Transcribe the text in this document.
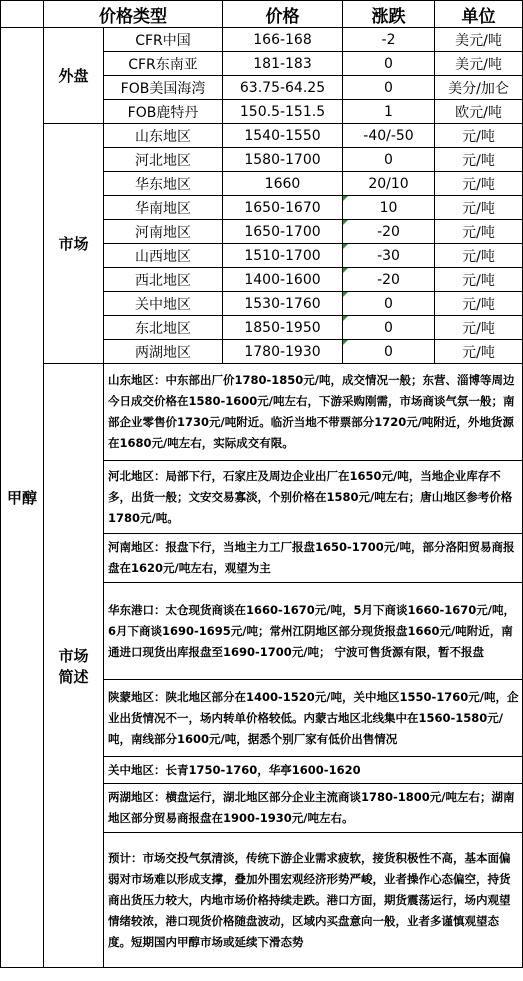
	价格类型		价格	涨跌	单位
甲醇	外盘	CFR中国	166-168	-2	美元/吨
		CFR东南亚	181-183	0	美元/吨
		FOB美国海湾	63.75-64.25	0	美分/加仑
		FOB鹿特丹	150.5-151.5	1	欧元/吨
	市场	山东地区	1540-1550	-40/-50	元/吨
		河北地区	1580-1700	0	元/吨
		华东地区	1660	20/10	元/吨
		华南地区	1650-1670	10	元/吨
		河南地区	1650-1700	-20	元/吨
		山西地区	1510-1700	-30	元/吨
		西北地区	1400-1600	-20	元/吨
		关中地区	1530-1760	0	元/吨
		东北地区	1850-1950	0	元/吨
		两湖地区	1780-1930	0	元/吨

	市场
简述	山东地区：中东部出厂价1780-1850元/吨，成交情况一般；东营、淄博等周边今日成交价格在1580-1600元/吨左右，下游采购刚需，市场商谈气氛一般；南部企业零售价1730元/吨附近。临沂当地不带票部分1720元/吨附近，外地货源在1680元/吨左右，实际成交有限。			
		河北地区：局部下行，石家庄及周边企业出厂在1650元/吨，当地企业库存不多，出货一般；文安交易寡淡，个别价格在1580元/吨左右；唐山地区参考价格1780元/吨。			
		河南地区：报盘下行，当地主力工厂报盘1650-1700元/吨，部分洛阳贸易商报盘在1620元/吨左右，观望为主			
		华东港口：太仓现货商谈在1660-1670元/吨，5月下商谈1660-1670元/吨，6月下商谈1690-1695元/吨；常州江阴地区部分现货报盘1660元/吨附近，南通进口现货出库报盘至1690-1700元/吨； 宁波可售货源有限，暂不报盘			
		陕蒙地区：陕北地区部分在1400-1520元/吨，关中地区1550-1760元/吨，企业出货情况不一，场内转单价格较低。内蒙古地区北线集中在1560-1580元/吨，南线部分1600元/吨，据悉个别厂家有低价出售情况			
		关中地区：长青1750-1760，华亭1600-1620			
		两湖地区：横盘运行，湖北地区部分企业主流商谈1780-1800元/吨左右；湖南地区部分贸易商报盘在1900-1930元/吨左右。			
		预计：市场交投气氛清淡，传统下游企业需求疲软，接货积极性不高，基本面偏弱对市场难以形成支撑，叠加外围宏观经济形势严峻，业者操作心态偏空，持货商出货压力较大，内地市场价格持续走跌。港口方面，期货震荡运行，场内观望情绪较浓，港口现货价格随盘波动，区域内买盘意向一般，业者多谨慎观望态度。短期国内甲醇市场或延续下滑态势			
